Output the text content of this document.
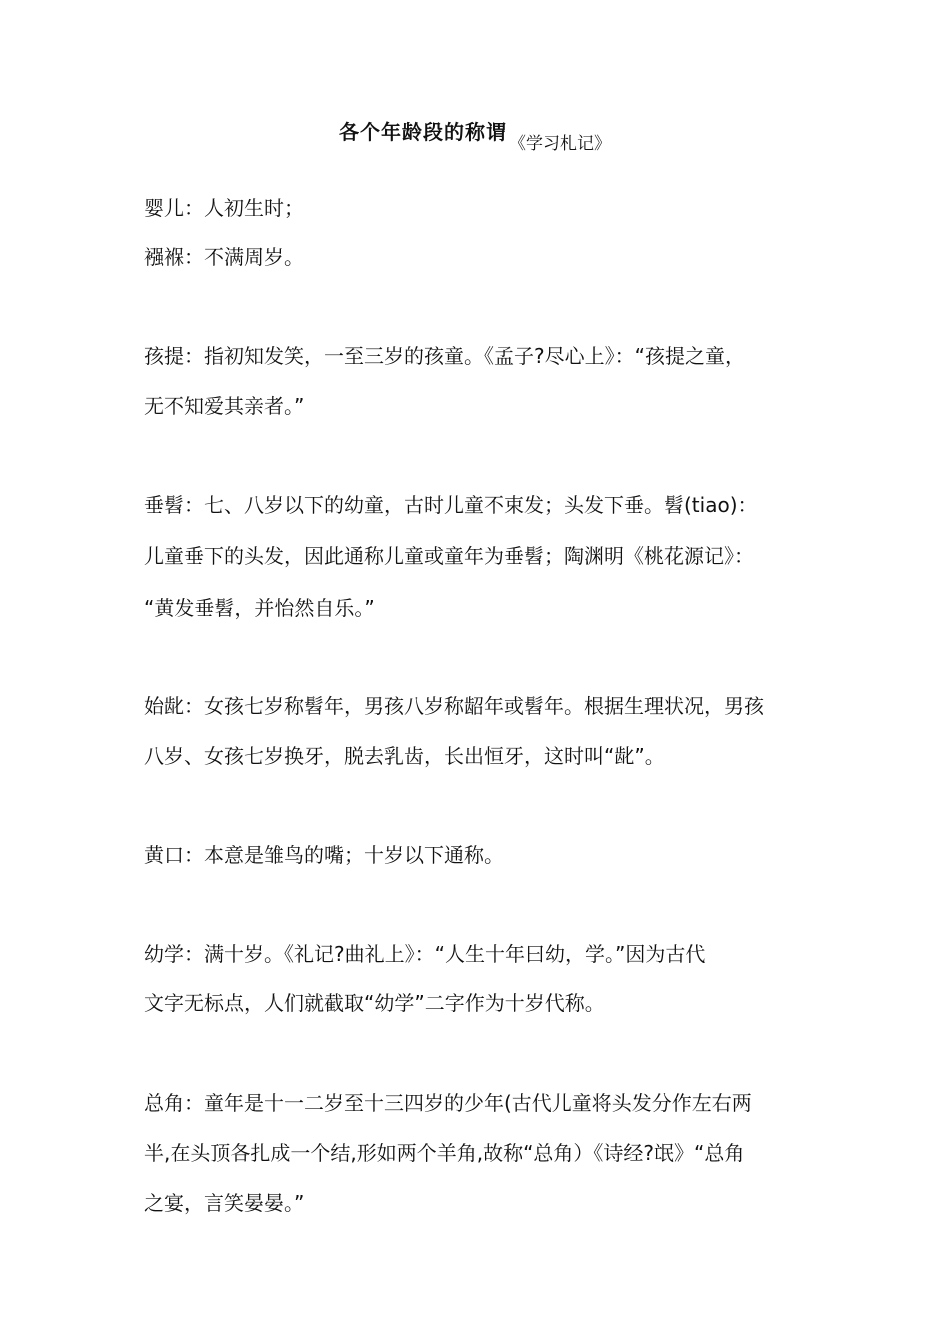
各个年龄段的称谓 《学习札记》
婴儿：人初生时；
襁褓：不满周岁。
孩提：指初知发笑，一至三岁的孩童。《孟子?尽心上》：“孩提之童，
无不知爱其亲者。”
垂髫：七、八岁以下的幼童，古时儿童不束发；头发下垂。髫(tiao)：
儿童垂下的头发，因此通称儿童或童年为垂髫；陶渊明《桃花源记》：
“黄发垂髫，并怡然自乐。”
始龀：女孩七岁称髫年，男孩八岁称龆年或髫年。根据生理状况，男孩
八岁、女孩七岁换牙，脱去乳齿，长出恒牙，这时叫“龀”。
黄口：本意是雏鸟的嘴；十岁以下通称。
幼学：满十岁。《礼记?曲礼上》：“人生十年曰幼，学。”因为古代
文字无标点，人们就截取“幼学”二字作为十岁代称。
总角：童年是十一二岁至十三四岁的少年(古代儿童将头发分作左右两
半,在头顶各扎成一个结,形如两个羊角,故称“总角）《诗经?氓》“总角
之宴，言笑晏晏。”
